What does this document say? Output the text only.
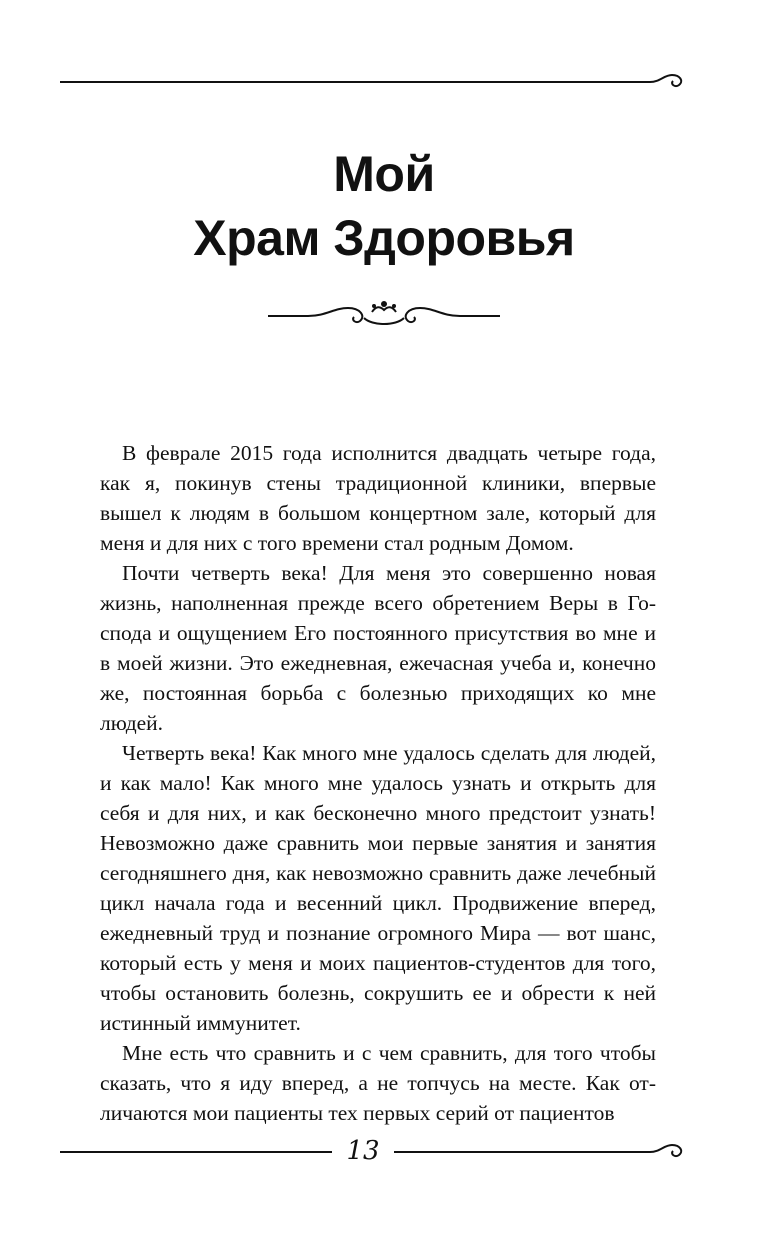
Мой
Храм Здоровья

В феврале 2015 года исполнится двадцать четыре года, как я, покинув стены традиционной клиники, впервые вышел к людям в большом концертном зале, который для меня и для них с того времени стал родным Домом.

Почти четверть века! Для меня это совершенно новая жизнь, наполненная прежде всего обретением Веры в Господа и ощущением Его постоянного присутствия во мне и в моей жизни. Это ежедневная, ежечасная учеба и, конечно же, постоянная борьба с болезнью приходящих ко мне людей.

Четверть века! Как много мне удалось сделать для людей, и как мало! Как много мне удалось узнать и открыть для себя и для них, и как бесконечно много предстоит узнать! Невозможно даже сравнить мои первые занятия и занятия сегодняшнего дня, как невозможно сравнить даже лечебный цикл начала года и весенний цикл. Продвижение вперед, ежедневный труд и познание огромного Мира — вот шанс, который есть у меня и моих пациентов-студентов для того, чтобы остановить болезнь, сокрушить ее и обрести к ней истинный иммунитет.

Мне есть что сравнить и с чем сравнить, для того чтобы сказать, что я иду вперед, а не топчусь на месте. Как отличаются мои пациенты тех первых серий от пациентов

13
